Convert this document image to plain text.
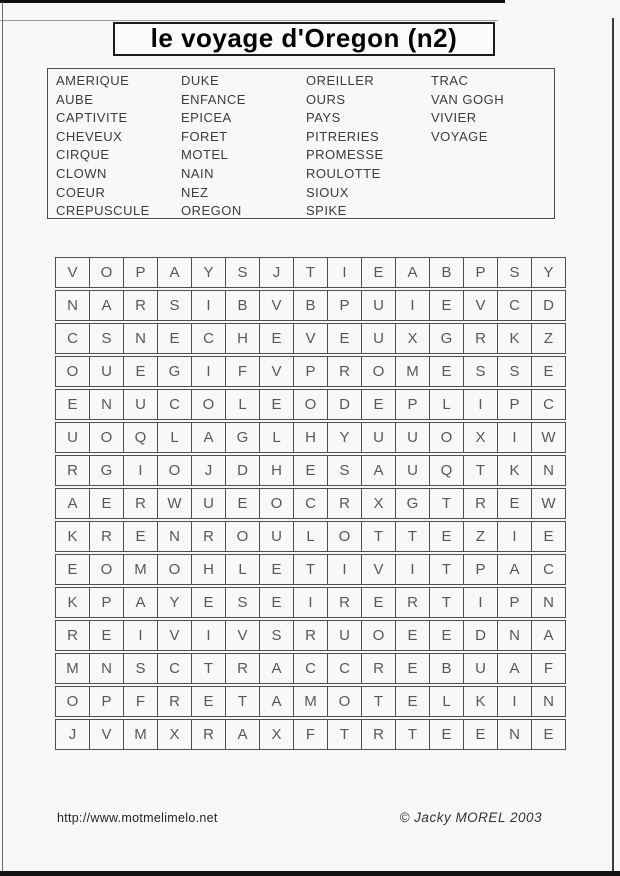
le voyage d'Oregon (n2)
AMERIQUE
AUBE
CAPTIVITE
CHEVEUX
CIRQUE
CLOWN
COEUR
CREPUSCULE
DUKE
ENFANCE
EPICEA
FORET
MOTEL
NAIN
NEZ
OREGON
OREILLER
OURS
PAYS
PITRERIES
PROMESSE
ROULOTTE
SIOUX
SPIKE
TRAC
VAN GOGH
VIVIER
VOYAGE
V	O	P	A	Y	S	J	T	I	E	A	B	P	S	Y
N	A	R	S	I	B	V	B	P	U	I	E	V	C	D
C	S	N	E	C	H	E	V	E	U	X	G	R	K	Z
O	U	E	G	I	F	V	P	R	O	M	E	S	S	E
E	N	U	C	O	L	E	O	D	E	P	L	I	P	C
U	O	Q	L	A	G	L	H	Y	U	U	O	X	I	W
R	G	I	O	J	D	H	E	S	A	U	Q	T	K	N
A	E	R	W	U	E	O	C	R	X	G	T	R	E	W
K	R	E	N	R	O	U	L	O	T	T	E	Z	I	E
E	O	M	O	H	L	E	T	I	V	I	T	P	A	C
K	P	A	Y	E	S	E	I	R	E	R	T	I	P	N
R	E	I	V	I	V	S	R	U	O	E	E	D	N	A
M	N	S	C	T	R	A	C	C	R	E	B	U	A	F
O	P	F	R	E	T	A	M	O	T	E	L	K	I	N
J	V	M	X	R	A	X	F	T	R	T	E	E	N	E
http://www.motmelimelo.net	© Jacky MOREL 2003
